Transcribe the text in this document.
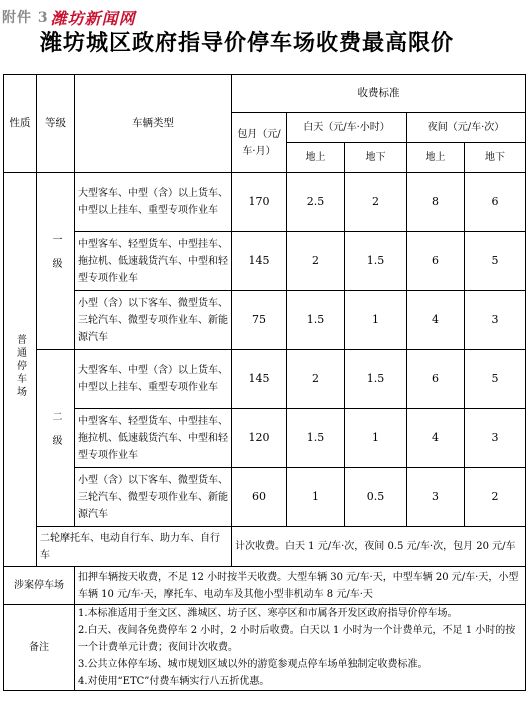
附件 3 潍坊新闻网
潍坊城区政府指导价停车场收费最高限价
性质	等级	车辆类型	收费标准				
			包月（元/车·月）	白天（元/车·小时）		夜间（元/车·次）	
				地上	地下	地上	地下
普通停车场	一级	大型客车、中型（含）以上货车、中型以上挂车、重型专项作业车	170	2.5	2	8	6
		中型客车、轻型货车、中型挂车、拖拉机、低速载货汽车、中型和轻型专项作业车	145	2	1.5	6	5
		小型（含）以下客车、微型货车、三轮汽车、微型专项作业车、新能源汽车	75	1.5	1	4	3
	二级	大型客车、中型（含）以上货车、中型以上挂车、重型专项作业车	145	2	1.5	6	5
		中型客车、轻型货车、中型挂车、拖拉机、低速载货汽车、中型和轻型专项作业车	120	1.5	1	4	3
		小型（含）以下客车、微型货车、三轮汽车、微型专项作业车、新能源汽车	60	1	0.5	3	2
	二轮摩托车、电动自行车、助力车、自行车		计次收费。白天 1 元/车·次，夜间 0.5 元/车·次，包月 20 元/车				
涉案停车场		扣押车辆按天收费，不足 12 小时按半天收费。大型车辆 30 元/车·天，中型车辆 20 元/车·天，小型车辆 10 元/车·天，摩托车、电动车及其他小型非机动车 8 元/车·天					
备注		1.本标准适用于奎文区、潍城区、坊子区、寒亭区和市属各开发区政府指导价停车场。
2.白天、夜间各免费停车 2 小时，2 小时后收费。白天以 1 小时为一个计费单元，不足 1 小时的按一个计费单元计费；夜间计次收费。
3.公共立体停车场、城市规划区域以外的游览参观点停车场单独制定收费标准。
4.对使用“ETC”付费车辆实行八五折优惠。					
